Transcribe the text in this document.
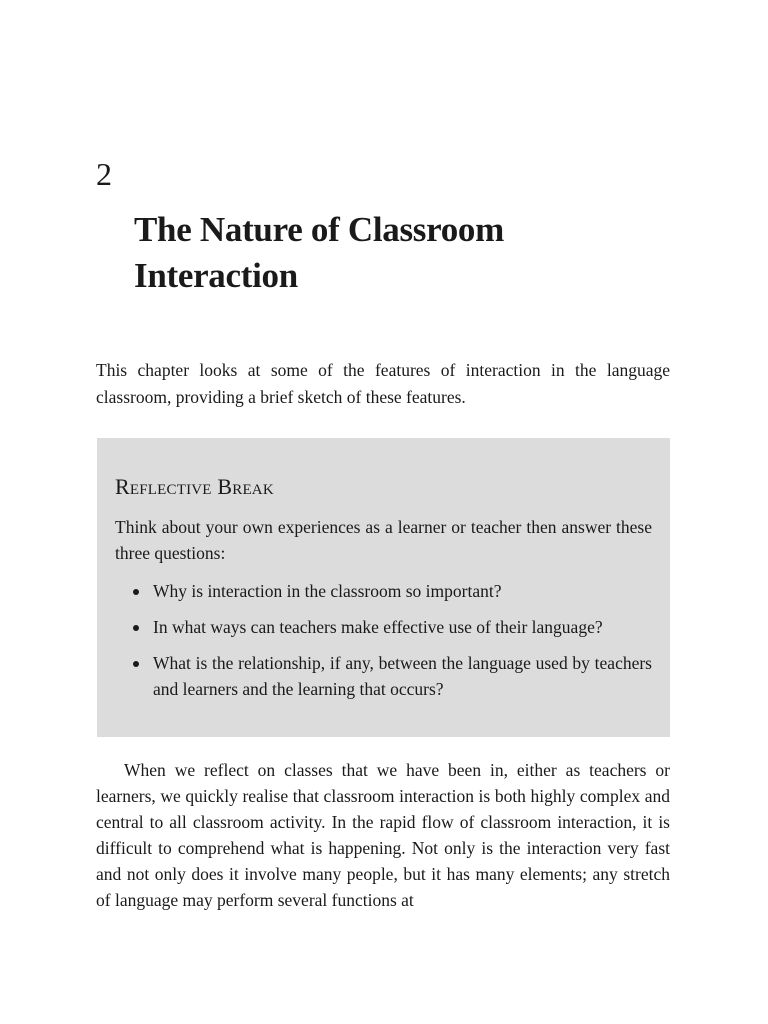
2
The Nature of Classroom Interaction

This chapter looks at some of the features of interaction in the language classroom, providing a brief sketch of these features.

Reflective Break

Think about your own experiences as a learner or teacher then answer these three questions:

Why is interaction in the classroom so important?
In what ways can teachers make effective use of their language?
What is the relationship, if any, between the language used by teachers and learners and the learning that occurs?

When we reflect on classes that we have been in, either as teachers or learners, we quickly realise that classroom interaction is both highly complex and central to all classroom activity. In the rapid flow of classroom interaction, it is difficult to comprehend what is happening. Not only is the interaction very fast and not only does it involve many people, but it has many elements; any stretch of language may perform several functions at
